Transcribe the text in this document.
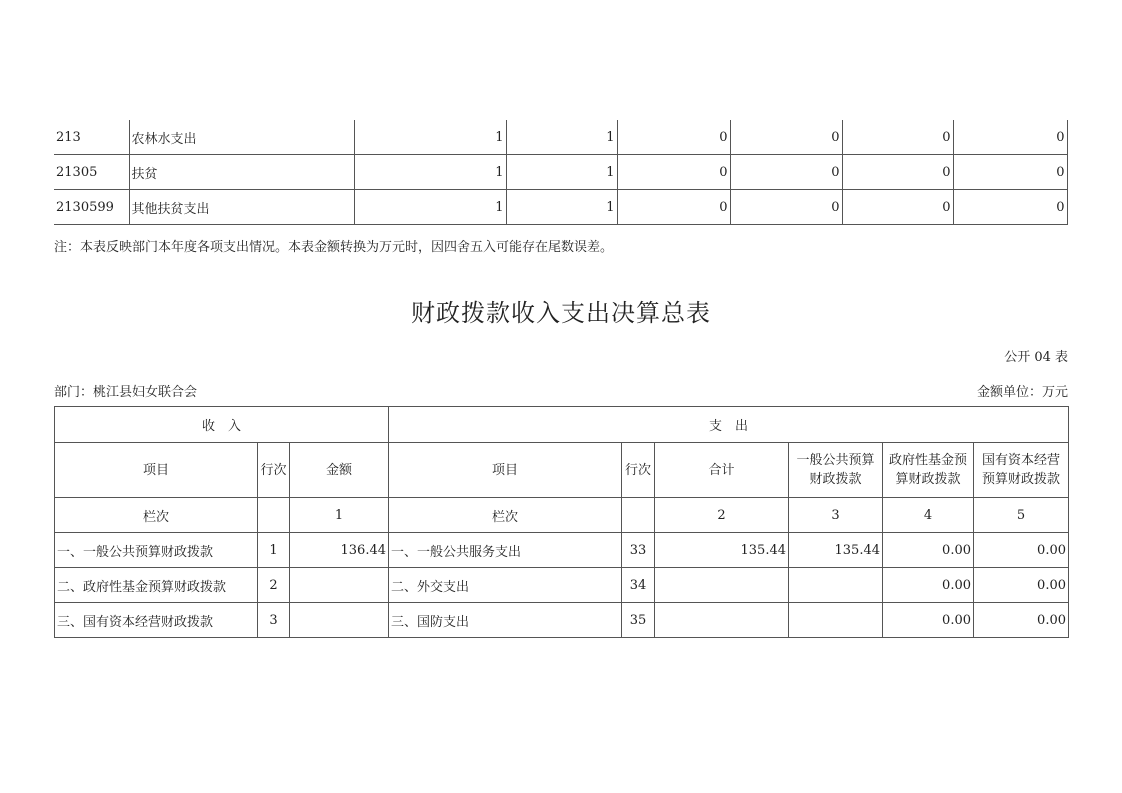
213	农林水支出	1	1	0	0	0	0
21305	扶贫	1	1	0	0	0	0
2130599	其他扶贫支出	1	1	0	0	0	0
注：本表反映部门本年度各项支出情况。本表金额转换为万元时，因四舍五入可能存在尾数误差。
财政拨款收入支出决算总表
公开 04 表
部门：桃江县妇女联合会	金额单位：万元
收　入			支　出					
项目	行次	金额	项目	行次	合计	一般公共预算财政拨款	政府性基金预算财政拨款	国有资本经营预算财政拨款
栏次		1	栏次		2	3	4	5
一、一般公共预算财政拨款	1	136.44	一、一般公共服务支出	33	135.44	135.44	0.00	0.00
二、政府性基金预算财政拨款	2		二、外交支出	34			0.00	0.00
三、国有资本经营财政拨款	3		三、国防支出	35			0.00	0.00
